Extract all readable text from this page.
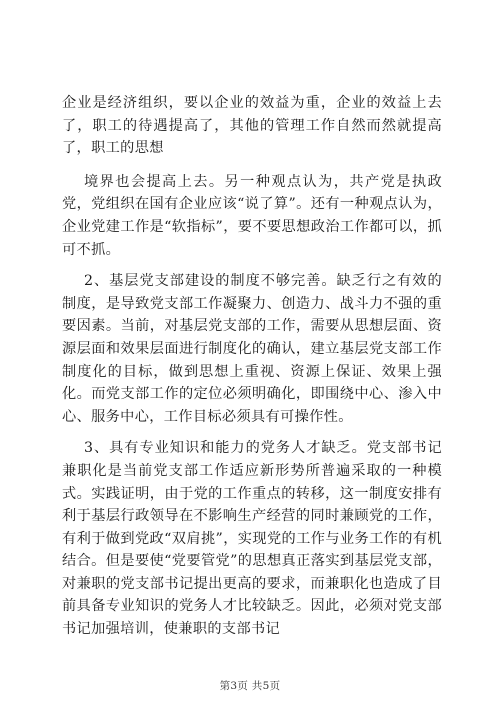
企业是经济组织，要以企业的效益为重，企业的效益上去了，职工的待遇提高了，其他的管理工作自然而然就提高了，职工的思想

境界也会提高上去。另一种观点认为，共产党是执政党，党组织在国有企业应该“说了算”。还有一种观点认为，企业党建工作是“软指标”，要不要思想政治工作都可以，抓可不抓。

2、基层党支部建设的制度不够完善。缺乏行之有效的制度，是导致党支部工作凝聚力、创造力、战斗力不强的重要因素。当前，对基层党支部的工作，需要从思想层面、资源层面和效果层面进行制度化的确认，建立基层党支部工作制度化的目标，做到思想上重视、资源上保证、效果上强化。而党支部工作的定位必须明确化，即围绕中心、渗入中心、服务中心，工作目标必须具有可操作性。

3、具有专业知识和能力的党务人才缺乏。党支部书记兼职化是当前党支部工作适应新形势所普遍采取的一种模式。实践证明，由于党的工作重点的转移，这一制度安排有利于基层行政领导在不影响生产经营的同时兼顾党的工作，有利于做到党政“双肩挑”，实现党的工作与业务工作的有机结合。但是要使“党要管党”的思想真正落实到基层党支部，对兼职的党支部书记提出更高的要求，而兼职化也造成了目前具备专业知识的党务人才比较缺乏。因此，必须对党支部书记加强培训，使兼职的支部书记

第3页 共5页
